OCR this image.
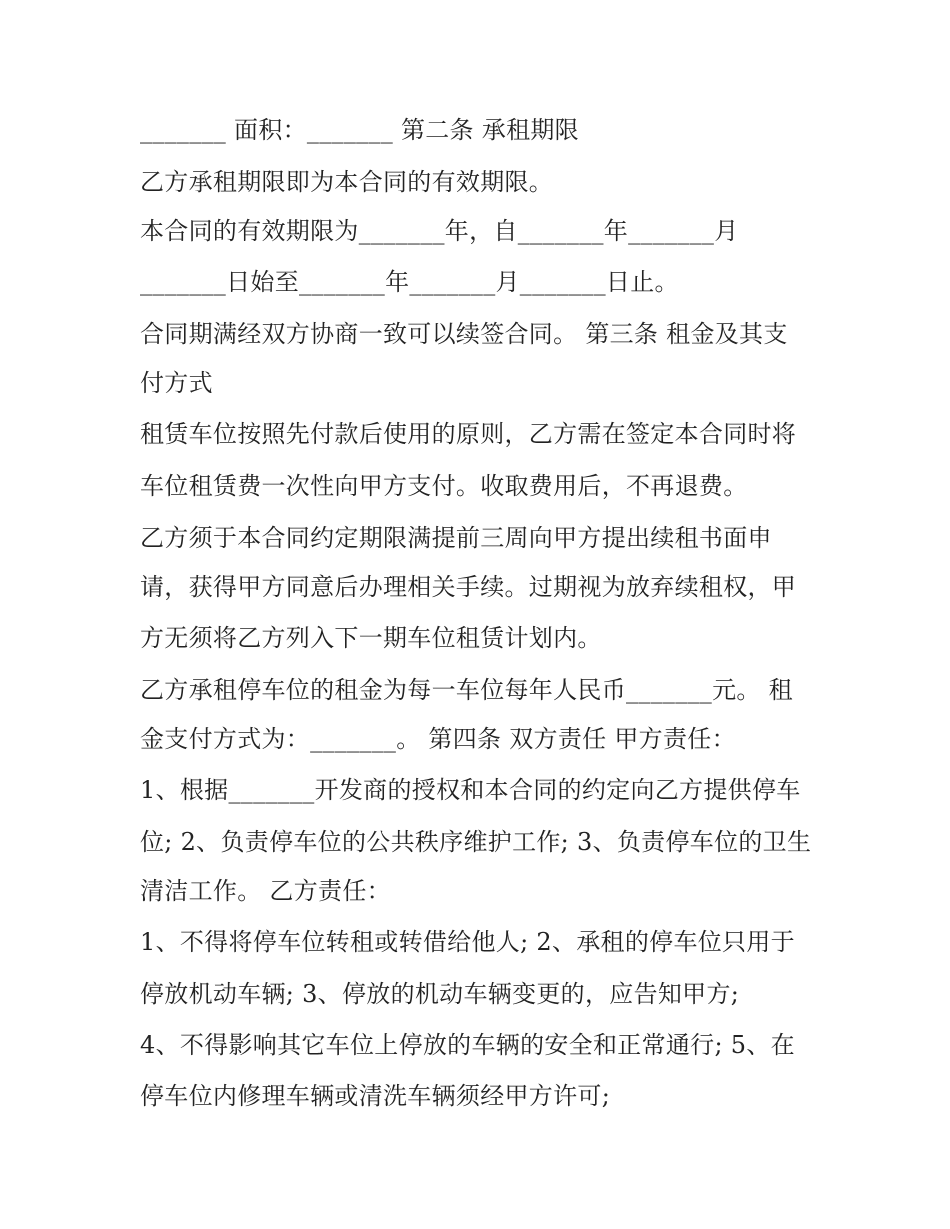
_______ 面积：_______ 第二条 承租期限

乙方承租期限即为本合同的有效期限。

本合同的有效期限为_______年，自_______年_______月

_______日始至_______年_______月_______日止。

合同期满经双方协商一致可以续签合同。 第三条 租金及其支

付方式

租赁车位按照先付款后使用的原则，乙方需在签定本合同时将

车位租赁费一次性向甲方支付。收取费用后，不再退费。

乙方须于本合同约定期限满提前三周向甲方提出续租书面申

请，获得甲方同意后办理相关手续。过期视为放弃续租权，甲

方无须将乙方列入下一期车位租赁计划内。

乙方承租停车位的租金为每一车位每年人民币_______元。 租

金支付方式为：_______。 第四条 双方责任 甲方责任：

1、根据_______开发商的授权和本合同的约定向乙方提供停车

位; 2、负责停车位的公共秩序维护工作; 3、负责停车位的卫生

清洁工作。 乙方责任：

1、不得将停车位转租或转借给他人; 2、承租的停车位只用于

停放机动车辆; 3、停放的机动车辆变更的，应告知甲方;

4、不得影响其它车位上停放的车辆的安全和正常通行; 5、在

停车位内修理车辆或清洗车辆须经甲方许可;
